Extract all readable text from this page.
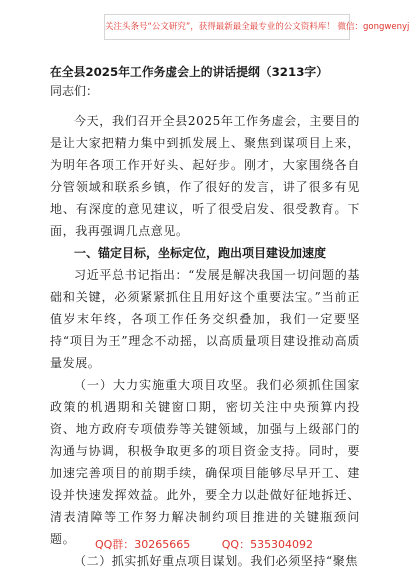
关注头条号“公文研究”，获得最新最全最专业的公文资料库！ 微信：gongwenyj

在全县2025年工作务虚会上的讲话提纲（3213字）

同志们：

今天，我们召开全县2025年工作务虚会，主要目的是让大家把精力集中到抓发展上、聚焦到谋项目上来，为明年各项工作开好头、起好步。刚才，大家围绕各自分管领域和联系乡镇，作了很好的发言，讲了很多有见地、有深度的意见建议，听了很受启发、很受教育。下面，我再强调几点意见。

一、锚定目标，坐标定位，跑出项目建设加速度

习近平总书记指出：“发展是解决我国一切问题的基础和关键，必须紧紧抓住且用好这个重要法宝。”当前正值岁末年终，各项工作任务交织叠加，我们一定要坚持“项目为王”理念不动摇，以高质量项目建设推动高质量发展。

（一）大力实施重大项目攻坚。我们必须抓住国家政策的机遇期和关键窗口期，密切关注中央预算内投资、地方政府专项债券等关键领域，加强与上级部门的沟通与协调，积极争取更多的项目资金支持。同时，要加速完善项目的前期手续，确保项目能够尽早开工、建设并快速发挥效益。此外，要全力以赴做好征地拆迁、清表清障等工作努力解决制约项目推进的关键瓶颈问题。

（二）抓实抓好重点项目谋划。我们必须坚持“聚焦

QQ群：30265665	QQ：535304092
